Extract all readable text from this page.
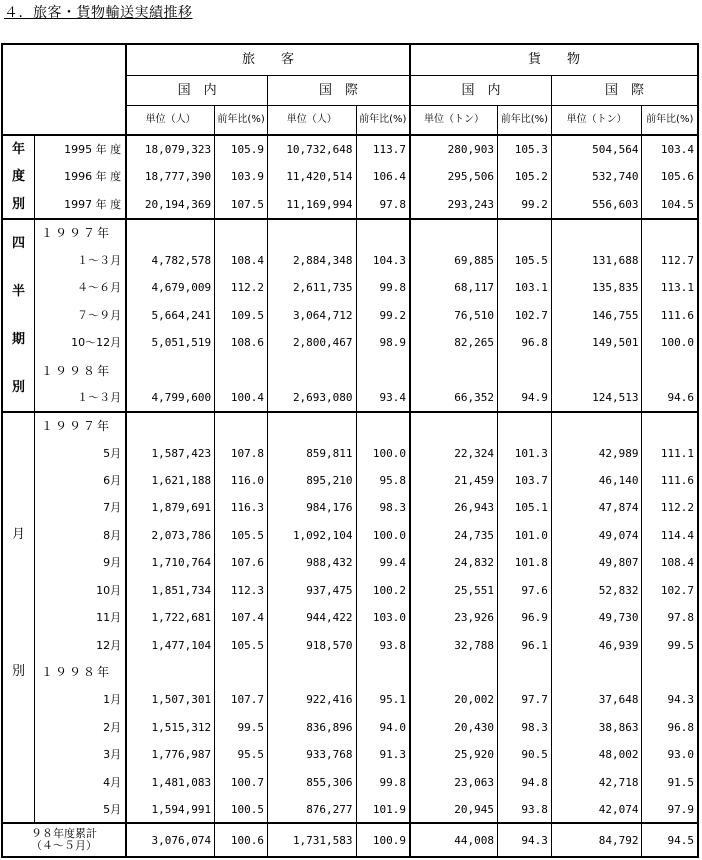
４．旅客・貨物輸送実績推移
		旅　　客				貨　　物			
		国　内		国　際		国　内		国　際	
		単位（人）	前年比(%)	単位（人）	前年比(%)	単位（トン）	前年比(%)	単位（トン）	前年比(%)

年
度
別	1995 年 度	18,079,323	105.9	10,732,648	113.7	280,903	105.3	504,564	103.4
	1996 年 度	18,777,390	103.9	11,420,514	106.4	295,506	105.2	532,740	105.6
	1997 年 度	20,194,369	107.5	11,169,994	97.8	293,243	99.2	556,603	104.5

四
半
期
別	１９９７年								
	１～３月	4,782,578	108.4	2,884,348	104.3	69,885	105.5	131,688	112.7
	４～６月	4,679,009	112.2	2,611,735	99.8	68,117	103.1	135,835	113.1
	７～９月	5,664,241	109.5	3,064,712	99.2	76,510	102.7	146,755	111.6
	10～12月	5,051,519	108.6	2,800,467	98.9	82,265	96.8	149,501	100.0
	１９９８年								
	１～３月	4,799,600	100.4	2,693,080	93.4	66,352	94.9	124,513	94.6

月
別	１９９７年								
	5月	1,587,423	107.8	859,811	100.0	22,324	101.3	42,989	111.1
	6月	1,621,188	116.0	895,210	95.8	21,459	103.7	46,140	111.6
	7月	1,879,691	116.3	984,176	98.3	26,943	105.1	47,874	112.2
	8月	2,073,786	105.5	1,092,104	100.0	24,735	101.0	49,074	114.4
	9月	1,710,764	107.6	988,432	99.4	24,832	101.8	49,807	108.4
	10月	1,851,734	112.3	937,475	100.2	25,551	97.6	52,832	102.7
	11月	1,722,681	107.4	944,422	103.0	23,926	96.9	49,730	97.8
	12月	1,477,104	105.5	918,570	93.8	32,788	96.1	46,939	99.5
	１９９８年								
	1月	1,507,301	107.7	922,416	95.1	20,002	97.7	37,648	94.3
	2月	1,515,312	99.5	836,896	94.0	20,430	98.3	38,863	96.8
	3月	1,776,987	95.5	933,768	91.3	25,920	90.5	48,002	93.0
	4月	1,481,083	100.7	855,306	99.8	23,063	94.8	42,718	91.5
	5月	1,594,991	100.5	876,277	101.9	20,945	93.8	42,074	97.9

９８年度累計
（４～５月）		3,076,074	100.6	1,731,583	100.9	44,008	94.3	84,792	94.5
